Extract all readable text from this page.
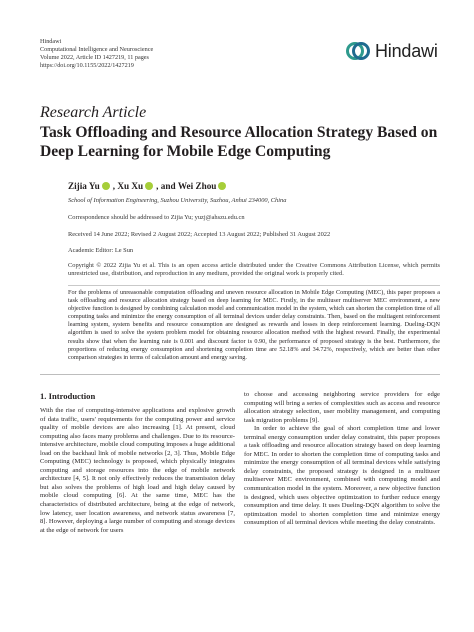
Hindawi
Computational Intelligence and Neuroscience
Volume 2022, Article ID 1427219, 11 pages
https://doi.org/10.1155/2022/1427219
Hindawi
Research Article
Task Offloading and Resource Allocation Strategy Based on Deep Learning for Mobile Edge Computing
Zijia Yu , Xu Xu , and Wei Zhou
School of Information Engineering, Suzhou University, Suzhou, Anhui 234000, China
Correspondence should be addressed to Zijia Yu; yuzj@ahszu.edu.cn
Received 14 June 2022; Revised 2 August 2022; Accepted 13 August 2022; Published 31 August 2022
Academic Editor: Le Sun
Copyright © 2022 Zijia Yu et al. This is an open access article distributed under the Creative Commons Attribution License, which permits unrestricted use, distribution, and reproduction in any medium, provided the original work is properly cited.
For the problems of unreasonable computation offloading and uneven resource allocation in Mobile Edge Computing (MEC), this paper proposes a task offloading and resource allocation strategy based on deep learning for MEC. Firstly, in the multiuser multiserver MEC environment, a new objective function is designed by combining calculation model and communication model in the system, which can shorten the completion time of all computing tasks and minimize the energy consumption of all terminal devices under delay constraints. Then, based on the multiagent reinforcement learning system, system benefits and resource consumption are designed as rewards and losses in deep reinforcement learning. Dueling-DQN algorithm is used to solve the system problem model for obtaining resource allocation method with the highest reward. Finally, the experimental results show that when the learning rate is 0.001 and discount factor is 0.90, the performance of proposed strategy is the best. Furthermore, the proportions of reducing energy consumption and shortening completion time are 52.18% and 34.72%, respectively, which are better than other comparison strategies in terms of calculation amount and energy saving.
1. Introduction

With the rise of computing-intensive applications and explosive growth of data traffic, users' requirements for the computing power and service quality of mobile devices are also increasing [1]. At present, cloud computing also faces many problems and challenges. Due to its resource-intensive architecture, mobile cloud computing imposes a huge additional load on the backhaul link of mobile networks [2, 3]. Thus, Mobile Edge Computing (MEC) technology is proposed, which physically integrates computing and storage resources into the edge of mobile network architecture [4, 5]. It not only effectively reduces the transmission delay but also solves the problems of high load and high delay caused by mobile cloud computing [6]. At the same time, MEC has the characteristics of distributed architecture, being at the edge of network, low latency, user location awareness, and network status awareness [7, 8]. However, deploying a large number of computing and storage devices at the edge of network for users

to choose and accessing neighboring service providers for edge computing will bring a series of complexities such as access and resource allocation strategy selection, user mobility management, and computing task migration problems [9].

In order to achieve the goal of short completion time and lower terminal energy consumption under delay constraint, this paper proposes a task offloading and resource allocation strategy based on deep learning for MEC. In order to shorten the completion time of computing tasks and minimize the energy consumption of all terminal devices while satisfying delay constraints, the proposed strategy is designed in a multiuser multiserver MEC environment, combined with computing model and communication model in the system. Moreover, a new objective function is designed, which uses objective optimization to further reduce energy consumption and time delay. It uses Dueling-DQN algorithm to solve the optimization model to shorten completion time and minimize energy consumption of all terminal devices while meeting the delay constraints.
